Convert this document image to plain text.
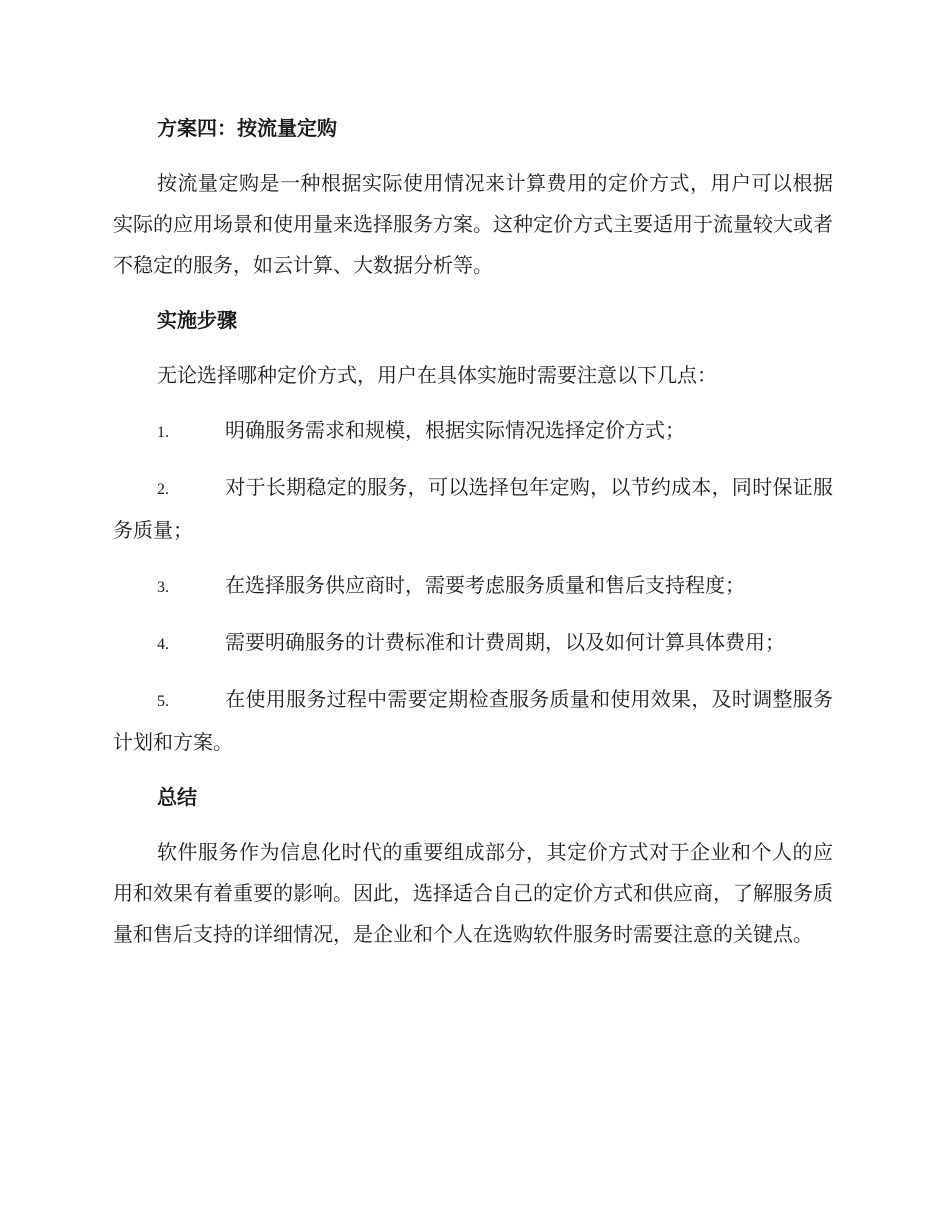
方案四：按流量定购

按流量定购是一种根据实际使用情况来计算费用的定价方式，用户可以根据实际的应用场景和使用量来选择服务方案。这种定价方式主要适用于流量较大或者不稳定的服务，如云计算、大数据分析等。

实施步骤

无论选择哪种定价方式，用户在具体实施时需要注意以下几点：

1.	明确服务需求和规模，根据实际情况选择定价方式；

2.	对于长期稳定的服务，可以选择包年定购，以节约成本，同时保证服务质量；

3.	在选择服务供应商时，需要考虑服务质量和售后支持程度；

4.	需要明确服务的计费标准和计费周期，以及如何计算具体费用；

5.	在使用服务过程中需要定期检查服务质量和使用效果，及时调整服务计划和方案。

总结

软件服务作为信息化时代的重要组成部分，其定价方式对于企业和个人的应用和效果有着重要的影响。因此，选择适合自己的定价方式和供应商，了解服务质量和售后支持的详细情况，是企业和个人在选购软件服务时需要注意的关键点。
